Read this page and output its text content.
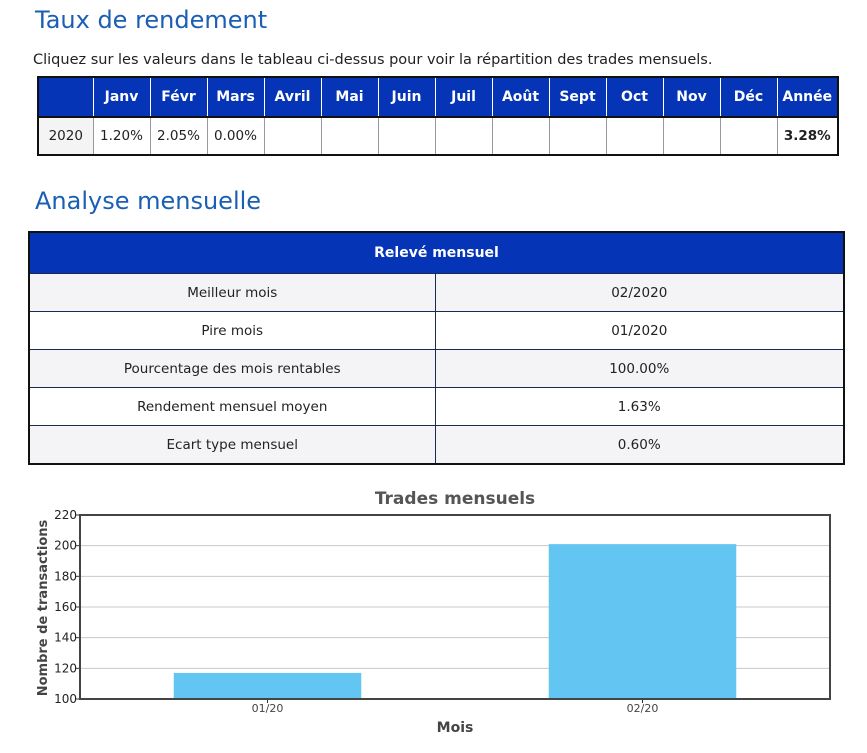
Taux de rendement
Cliquez sur les valeurs dans le tableau ci-dessus pour voir la répartition des trades mensuels.
	Janv	Févr	Mars	Avril	Mai	Juin	Juil	Août	Sept	Oct	Nov	Déc	Année
2020	1.20%	2.05%	0.00%										3.28%
Analyse mensuelle
Relevé mensuel	
Meilleur mois	02/2020
Pire mois	01/2020
Pourcentage des mois rentables	100.00%
Rendement mensuel moyen	1.63%
Ecart type mensuel	0.60%
Trades mensuels
100
120
140
160
180
200
220
01/20	02/20
Mois
Nombre de transactions
